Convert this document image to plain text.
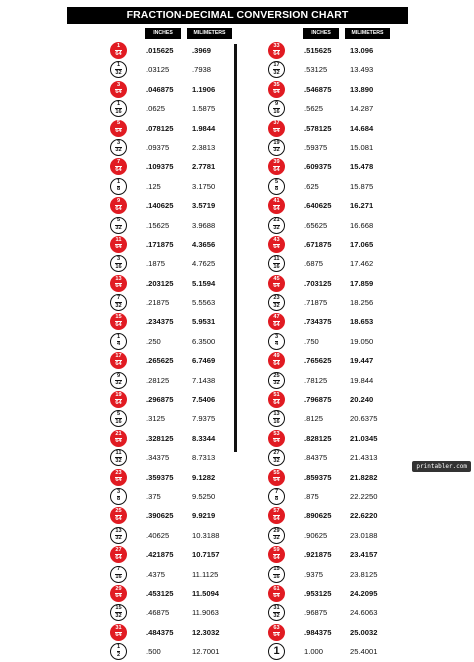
FRACTION-DECIMAL CONVERSION CHART
INCHES	MILIMETERS
$\frac{1}{64}$	.015625 .3969
$\frac{1}{32}$	.03125	.7938
$\frac{3}{64}$	.046875 1.1906
$\frac{1}{16}$	.0625	1.5875
$\frac{5}{64}$	.078125 1.9844
$\frac{3}{32}$	.09375	2.3813
$\frac{7}{64}$	.109375 2.7781
$\frac{1}{8}$	.125	3.1750
$\frac{9}{64}$	.140625 3.5719
$\frac{5}{32}$	.15625	3.9688
$\frac{11}{64}$	.171875 4.3656
$\frac{3}{16}$	.1875	4.7625
$\frac{13}{64}$	.203125 5.1594
$\frac{7}{32}$	.21875	5.5563
$\frac{15}{64}$	.234375 5.9531
$\frac{1}{4}$	.250	6.3500
$\frac{17}{64}$	.265625 6.7469
$\frac{9}{32}$	.28125	7.1438
$\frac{19}{64}$	.296875 7.5406
$\frac{5}{16}$	.3125	7.9375
$\frac{21}{64}$	.328125 8.3344
$\frac{11}{32}$	.34375	8.7313
$\frac{23}{64}$	.359375 9.1282
$\frac{3}{8}$	.375	9.5250
$\frac{25}{64}$	.390625 9.9219
$\frac{13}{32}$	.40625	10.3188
$\frac{27}{64}$	.421875 10.7157
$\frac{7}{16}$	.4375	11.1125
$\frac{29}{64}$	.453125 11.5094
$\frac{15}{32}$	.46875	11.9063
$\frac{31}{64}$	.484375 12.3032
$\frac{1}{2}$	.500	12.7001
INCHES	MILIMETERS
$\frac{33}{64}$	.515625 13.096
$\frac{17}{32}$	.53125	13.493
$\frac{35}{64}$	.546875 13.890
$\frac{9}{16}$	.5625	14.287
$\frac{37}{64}$	.578125 14.684
$\frac{19}{32}$	.59375	15.081
$\frac{39}{64}$	.609375 15.478
$\frac{5}{8}$	.625	15.875
$\frac{41}{64}$	.640625 16.271
$\frac{21}{32}$	.65625	16.668
$\frac{43}{64}$	.671875 17.065
$\frac{11}{16}$	.6875	17.462
$\frac{45}{64}$	.703125 17.859
$\frac{23}{32}$	.71875	18.256
$\frac{47}{64}$	.734375 18.653
$\frac{3}{4}$	.750	19.050
$\frac{49}{64}$	.765625 19.447
$\frac{25}{32}$	.78125	19.844
$\frac{51}{64}$	.796875 20.240
$\frac{13}{16}$	.8125	20.6375
$\frac{53}{64}$	.828125 21.0345
$\frac{27}{32}$	.84375	21.4313
$\frac{55}{64}$	.859375 21.8282
$\frac{7}{8}$	.875	22.2250
$\frac{57}{64}$	.890625 22.6220
$\frac{29}{32}$	.90625	23.0188
$\frac{59}{64}$	.921875 23.4157
$\frac{15}{16}$	.9375	23.8125
$\frac{61}{64}$	.953125 24.2095
$\frac{31}{32}$	.96875	24.6063
$\frac{63}{64}$	.984375 25.0032
1	1.000	25.4001
printabler.com
